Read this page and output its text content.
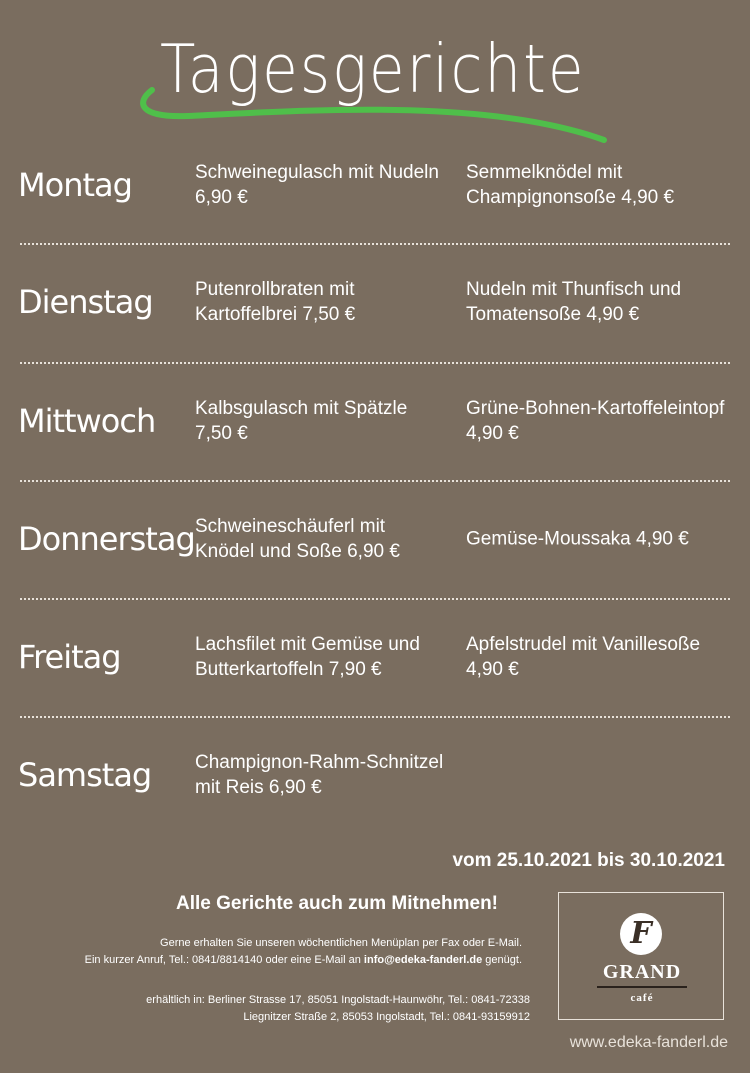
Tagesgerichte
Montag	Schweinegulasch mit Nudeln 6,90 €
Semmelknödel mit Champignonsoße 4,90 €
Dienstag Putenrollbraten mit Kartoffelbrei 7,50 €
Nudeln mit Thunfisch und Tomatensoße 4,90 €
Mittwoch Kalbsgulasch mit Spätzle 7,50 €
Grüne-Bohnen-Kartoffeleintopf 4,90 €
Donnerstag Schweineschäuferl mit Knödel und Soße 6,90 €
Gemüse-Moussaka 4,90 €
Freitag	Lachsfilet mit Gemüse und Butterkartoffeln 7,90 €
Apfelstrudel mit Vanillesoße 4,90 €
Samstag Champignon-Rahm-Schnitzel mit Reis 6,90 €
vom 25.10.2021 bis 30.10.2021
Alle Gerichte auch zum Mitnehmen!
Gerne erhalten Sie unseren wöchentlichen Menüplan per Fax oder E-Mail.
Ein kurzer Anruf, Tel.: 0841/8814140 oder eine E-Mail an info@edeka-fanderl.de genügt.
erhältlich in: Berliner Strasse 17, 85051 Ingolstadt-Haunwöhr, Tel.: 0841-72338
Liegnitzer Straße 2, 85053 Ingolstadt, Tel.: 0841-93159912
F
GRAND
café
www.edeka-fanderl.de
